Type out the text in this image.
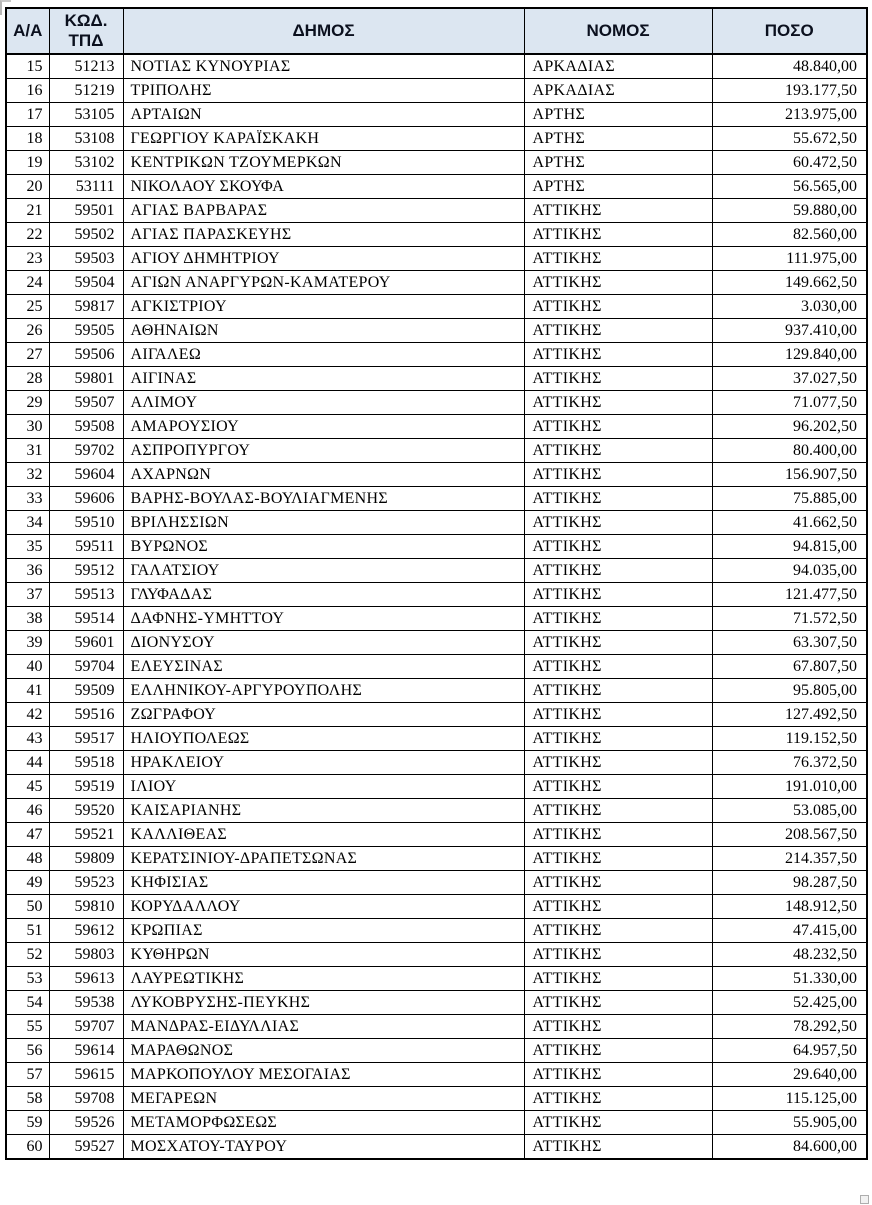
Α/Α	ΚΩΔ. ΤΠΔ	ΔΗΜΟΣ	ΝΟΜΟΣ	ΠΟΣΟ
15	51213	ΝΟΤΙΑΣ ΚΥΝΟΥΡΙΑΣ	ΑΡΚΑΔΙΑΣ	48.840,00
16	51219	ΤΡΙΠΟΛΗΣ	ΑΡΚΑΔΙΑΣ	193.177,50
17	53105	ΑΡΤΑΙΩΝ	ΑΡΤΗΣ	213.975,00
18	53108	ΓΕΩΡΓΙΟΥ ΚΑΡΑΪΣΚΑΚΗ	ΑΡΤΗΣ	55.672,50
19	53102	ΚΕΝΤΡΙΚΩΝ ΤΖΟΥΜΕΡΚΩΝ	ΑΡΤΗΣ	60.472,50
20	53111	ΝΙΚΟΛΑΟΥ ΣΚΟΥΦΑ	ΑΡΤΗΣ	56.565,00
21	59501	ΑΓΙΑΣ ΒΑΡΒΑΡΑΣ	ΑΤΤΙΚΗΣ	59.880,00
22	59502	ΑΓΙΑΣ ΠΑΡΑΣΚΕΥΗΣ	ΑΤΤΙΚΗΣ	82.560,00
23	59503	ΑΓΙΟΥ ΔΗΜΗΤΡΙΟΥ	ΑΤΤΙΚΗΣ	111.975,00
24	59504	ΑΓΙΩΝ ΑΝΑΡΓΥΡΩΝ-ΚΑΜΑΤΕΡΟΥ	ΑΤΤΙΚΗΣ	149.662,50
25	59817	ΑΓΚΙΣΤΡΙΟΥ	ΑΤΤΙΚΗΣ	3.030,00
26	59505	ΑΘΗΝΑΙΩΝ	ΑΤΤΙΚΗΣ	937.410,00
27	59506	ΑΙΓΑΛΕΩ	ΑΤΤΙΚΗΣ	129.840,00
28	59801	ΑΙΓΙΝΑΣ	ΑΤΤΙΚΗΣ	37.027,50
29	59507	ΑΛΙΜΟΥ	ΑΤΤΙΚΗΣ	71.077,50
30	59508	ΑΜΑΡΟΥΣΙΟΥ	ΑΤΤΙΚΗΣ	96.202,50
31	59702	ΑΣΠΡΟΠΥΡΓΟΥ	ΑΤΤΙΚΗΣ	80.400,00
32	59604	ΑΧΑΡΝΩΝ	ΑΤΤΙΚΗΣ	156.907,50
33	59606	ΒΑΡΗΣ-ΒΟΥΛΑΣ-ΒΟΥΛΙΑΓΜΕΝΗΣ	ΑΤΤΙΚΗΣ	75.885,00
34	59510	ΒΡΙΛΗΣΣΙΩΝ	ΑΤΤΙΚΗΣ	41.662,50
35	59511	ΒΥΡΩΝΟΣ	ΑΤΤΙΚΗΣ	94.815,00
36	59512	ΓΑΛΑΤΣΙΟΥ	ΑΤΤΙΚΗΣ	94.035,00
37	59513	ΓΛΥΦΑΔΑΣ	ΑΤΤΙΚΗΣ	121.477,50
38	59514	ΔΑΦΝΗΣ-ΥΜΗΤΤΟΥ	ΑΤΤΙΚΗΣ	71.572,50
39	59601	ΔΙΟΝΥΣΟΥ	ΑΤΤΙΚΗΣ	63.307,50
40	59704	ΕΛΕΥΣΙΝΑΣ	ΑΤΤΙΚΗΣ	67.807,50
41	59509	ΕΛΛΗΝΙΚΟΥ-ΑΡΓΥΡΟΥΠΟΛΗΣ	ΑΤΤΙΚΗΣ	95.805,00
42	59516	ΖΩΓΡΑΦΟΥ	ΑΤΤΙΚΗΣ	127.492,50
43	59517	ΗΛΙΟΥΠΟΛΕΩΣ	ΑΤΤΙΚΗΣ	119.152,50
44	59518	ΗΡΑΚΛΕΙΟΥ	ΑΤΤΙΚΗΣ	76.372,50
45	59519	ΙΛΙΟΥ	ΑΤΤΙΚΗΣ	191.010,00
46	59520	ΚΑΙΣΑΡΙΑΝΗΣ	ΑΤΤΙΚΗΣ	53.085,00
47	59521	ΚΑΛΛΙΘΕΑΣ	ΑΤΤΙΚΗΣ	208.567,50
48	59809	ΚΕΡΑΤΣΙΝΙΟΥ-ΔΡΑΠΕΤΣΩΝΑΣ	ΑΤΤΙΚΗΣ	214.357,50
49	59523	ΚΗΦΙΣΙΑΣ	ΑΤΤΙΚΗΣ	98.287,50
50	59810	ΚΟΡΥΔΑΛΛΟΥ	ΑΤΤΙΚΗΣ	148.912,50
51	59612	ΚΡΩΠΙΑΣ	ΑΤΤΙΚΗΣ	47.415,00
52	59803	ΚΥΘΗΡΩΝ	ΑΤΤΙΚΗΣ	48.232,50
53	59613	ΛΑΥΡΕΩΤΙΚΗΣ	ΑΤΤΙΚΗΣ	51.330,00
54	59538	ΛΥΚΟΒΡΥΣΗΣ-ΠΕΥΚΗΣ	ΑΤΤΙΚΗΣ	52.425,00
55	59707	ΜΑΝΔΡΑΣ-ΕΙΔΥΛΛΙΑΣ	ΑΤΤΙΚΗΣ	78.292,50
56	59614	ΜΑΡΑΘΩΝΟΣ	ΑΤΤΙΚΗΣ	64.957,50
57	59615	ΜΑΡΚΟΠΟΥΛΟΥ ΜΕΣΟΓΑΙΑΣ	ΑΤΤΙΚΗΣ	29.640,00
58	59708	ΜΕΓΑΡΕΩΝ	ΑΤΤΙΚΗΣ	115.125,00
59	59526	ΜΕΤΑΜΟΡΦΩΣΕΩΣ	ΑΤΤΙΚΗΣ	55.905,00
60	59527	ΜΟΣΧΑΤΟΥ-ΤΑΥΡΟΥ	ΑΤΤΙΚΗΣ	84.600,00
